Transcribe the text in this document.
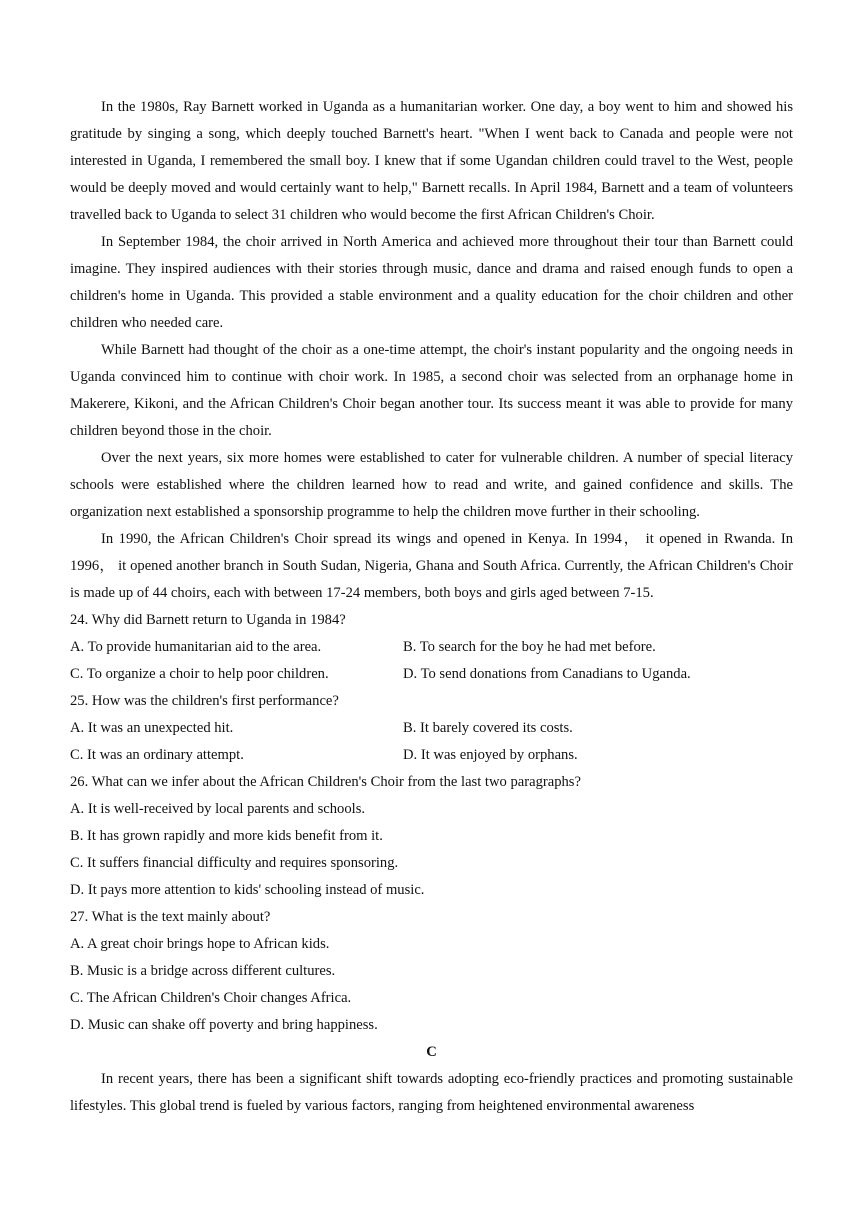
In the 1980s, Ray Barnett worked in Uganda as a humanitarian worker. One day, a boy went to him and showed his gratitude by singing a song, which deeply touched Barnett's heart. "When I went back to Canada and people were not interested in Uganda, I remembered the small boy. I knew that if some Ugandan children could travel to the West, people would be deeply moved and would certainly want to help," Barnett recalls. In April 1984, Barnett and a team of volunteers travelled back to Uganda to select 31 children who would become the first African Children's Choir.

In September 1984, the choir arrived in North America and achieved more throughout their tour than Barnett could imagine. They inspired audiences with their stories through music, dance and drama and raised enough funds to open a children's home in Uganda. This provided a stable environment and a quality education for the choir children and other children who needed care.

While Barnett had thought of the choir as a one-time attempt, the choir's instant popularity and the ongoing needs in Uganda convinced him to continue with choir work. In 1985, a second choir was selected from an orphanage home in Makerere, Kikoni, and the African Children's Choir began another tour. Its success meant it was able to provide for many children beyond those in the choir.

Over the next years, six more homes were established to cater for vulnerable children. A number of special literacy schools were established where the children learned how to read and write, and gained confidence and skills. The organization next established a sponsorship programme to help the children move further in their schooling.

In 1990, the African Children's Choir spread its wings and opened in Kenya. In 1994， it opened in Rwanda. In 1996， it opened another branch in South Sudan, Nigeria, Ghana and South Africa. Currently, the African Children's Choir is made up of 44 choirs, each with between 17-24 members, both boys and girls aged between 7-15.

24. Why did Barnett return to Uganda in 1984?

A. To provide humanitarian aid to the area.	B. To search for the boy he had met before.
C. To organize a choir to help poor children.	D. To send donations from Canadians to Uganda.

25. How was the children's first performance?

A. It was an unexpected hit.	B. It barely covered its costs.
C. It was an ordinary attempt.	D. It was enjoyed by orphans.

26. What can we infer about the African Children's Choir from the last two paragraphs?

A. It is well-received by local parents and schools.

B. It has grown rapidly and more kids benefit from it.

C. It suffers financial difficulty and requires sponsoring.

D. It pays more attention to kids' schooling instead of music.

27. What is the text mainly about?

A. A great choir brings hope to African kids.

B. Music is a bridge across different cultures.

C. The African Children's Choir changes Africa.

D. Music can shake off poverty and bring happiness.

C

In recent years, there has been a significant shift towards adopting eco-friendly practices and promoting sustainable lifestyles. This global trend is fueled by various factors, ranging from heightened environmental awareness
